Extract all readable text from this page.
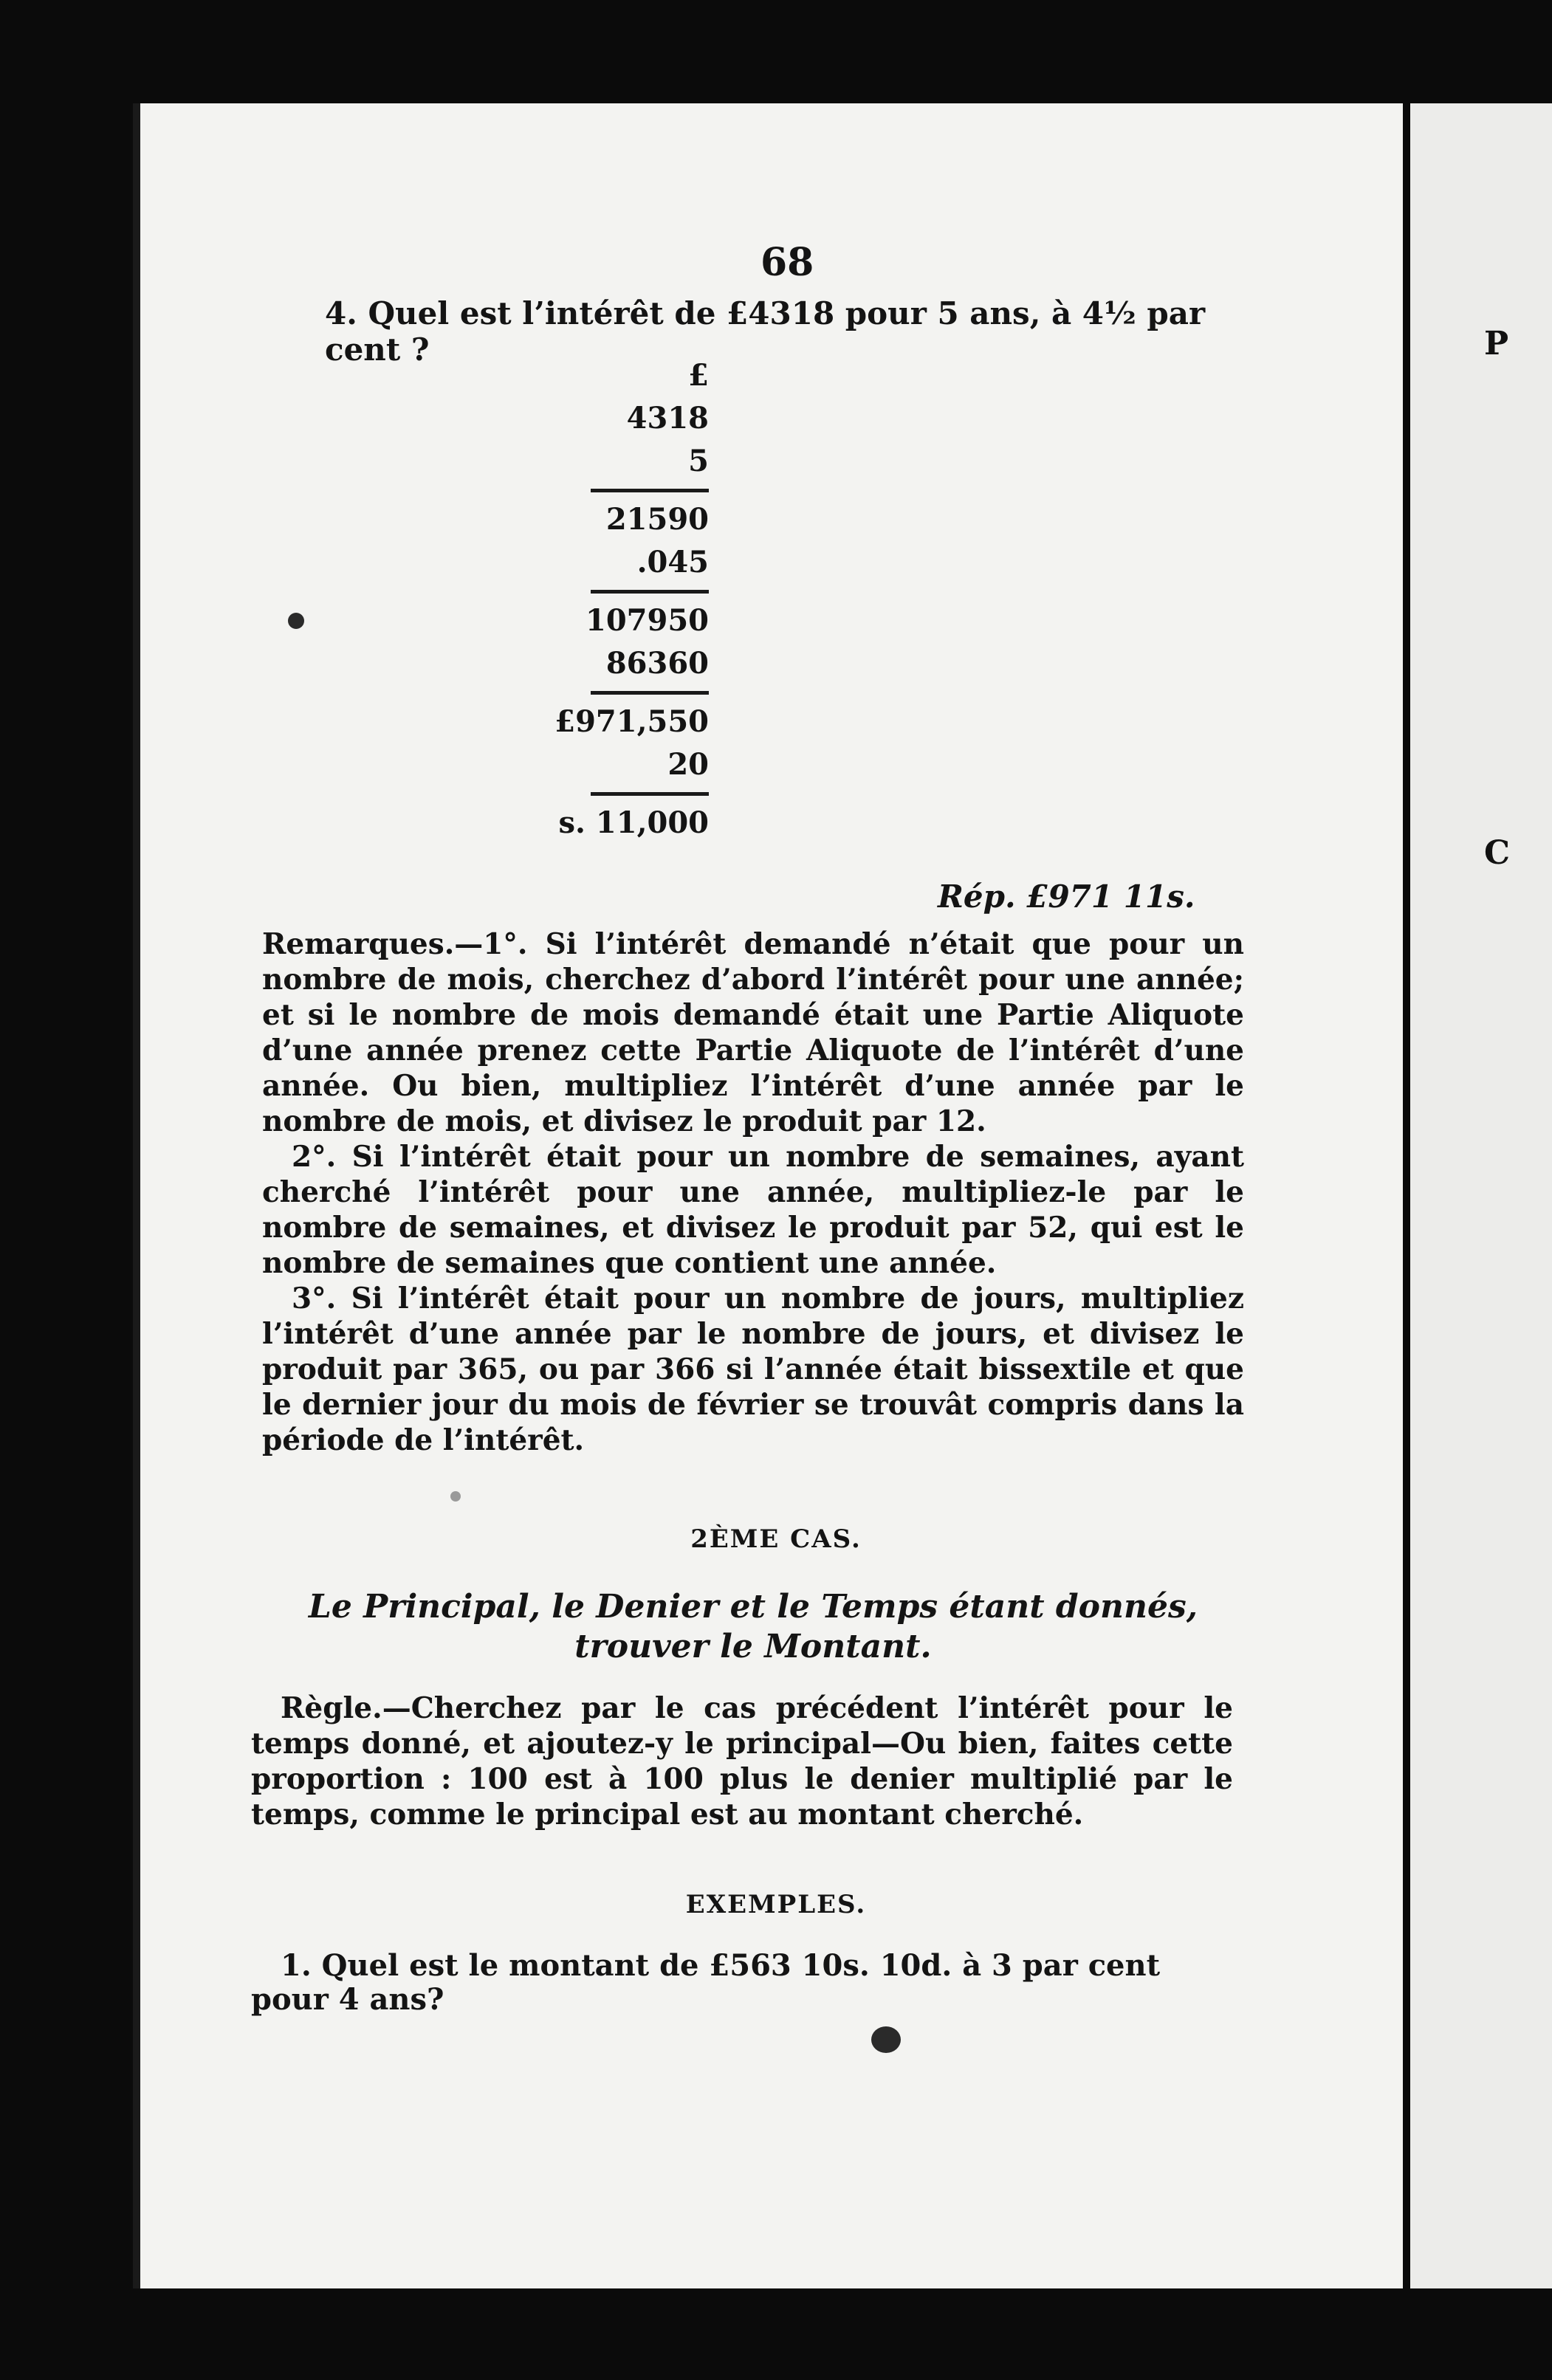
P
C
68
4. Quel est l’intérêt de £4318 pour 5 ans, à 4½ par cent ?
£
4318
5
21590
.045
107950
86360
£971,550
20
s. 11,000
Rép. £971 11s.

Remarques.—1°. Si l’intérêt demandé n’était que pour un nombre de mois, cherchez d’abord l’intérêt pour une année; et si le nombre de mois demandé était une Partie Aliquote d’une année prenez cette Partie Aliquote de l’intérêt d’une année. Ou bien, multipliez l’intérêt d’une année par le nombre de mois, et divisez le produit par 12.

2°. Si l’intérêt était pour un nombre de semaines, ayant cherché l’intérêt pour une année, multipliez-le par le nombre de semaines, et divisez le produit par 52, qui est le nombre de semaines que contient une année.

3°. Si l’intérêt était pour un nombre de jours, multipliez l’intérêt d’une année par le nombre de jours, et divisez le produit par 365, ou par 366 si l’année était bissextile et que le dernier jour du mois de février se trouvât compris dans la période de l’intérêt.

2ÈME CAS.
Le Principal, le Denier et le Temps étant donnés, trouver le Montant.
Règle.—Cherchez par le cas précédent l’intérêt pour le temps donné, et ajoutez-y le principal—Ou bien, faites cette proportion : 100 est à 100 plus le denier multiplié par le temps, comme le principal est au montant cherché.
EXEMPLES.
1. Quel est le montant de £563 10s. 10d. à 3 par cent pour 4 ans?
